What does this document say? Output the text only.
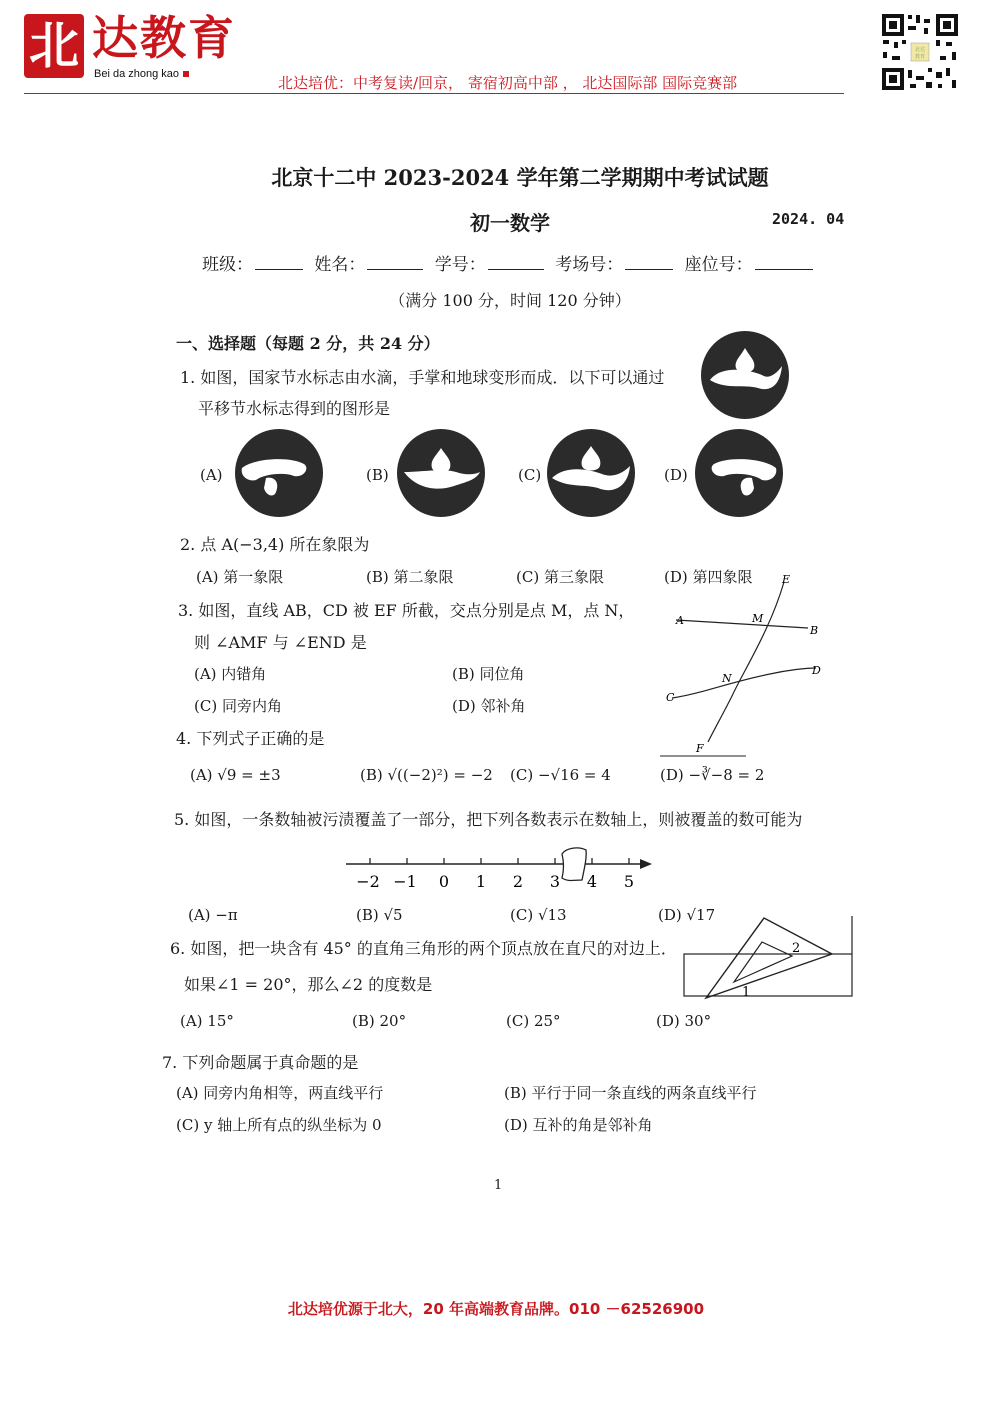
北 达教育
Bei da zhong kao	北达培优：中考复读/回京， 寄宿初高中部 ， 北达国际部 国际竞赛部
北达
教育
北京十二中 2023-2024 学年第二学期期中考试试题
初一数学	2024. 04
班级：	姓名：	学号：	考场号：	座位号：
（满分 100 分，时间 120 分钟）
一、选择题（每题 2 分，共 24 分）
1. 如图，国家节水标志由水滴，手掌和地球变形而成．以下可以通过
平移节水标志得到的图形是
(A)	(B)	(C)	(D)
2. 点 A(−3,4) 所在象限为
(A) 第一象限	(B) 第二象限	(C) 第三象限	(D) 第四象限
3. 如图，直线 AB，CD 被 EF 所截，交点分别是点 M，点 N，
则 ∠AMF 与 ∠END 是
(A) 内错角	(B) 同位角
(C) 同旁内角	(D) 邻补角
E
A	M
B
D
N
C
F
4. 下列式子正确的是
(A) √9 = ±3	(B) √((−2)²) = −2 (C) −√16 = 4	(D) −∛−8 = 2
5. 如图，一条数轴被污渍覆盖了一部分，把下列各数表示在数轴上，则被覆盖的数可能为
−2 −1 0 1 2 3 4 5
(A) −π	(B) √5	(C) √13	(D) √17
6. 如图，把一块含有 45° 的直角三角形的两个顶点放在直尺的对边上．
如果∠1 = 20°，那么∠2 的度数是
2
1
(A) 15°	(B) 20°	(C) 25°	(D) 30°
7. 下列命题属于真命题的是
(A) 同旁内角相等，两直线平行	(B) 平行于同一条直线的两条直线平行
(C) y 轴上所有点的纵坐标为 0	(D) 互补的角是邻补角
1
北达培优源于北大，20 年高端教育品牌。010 －62526900
